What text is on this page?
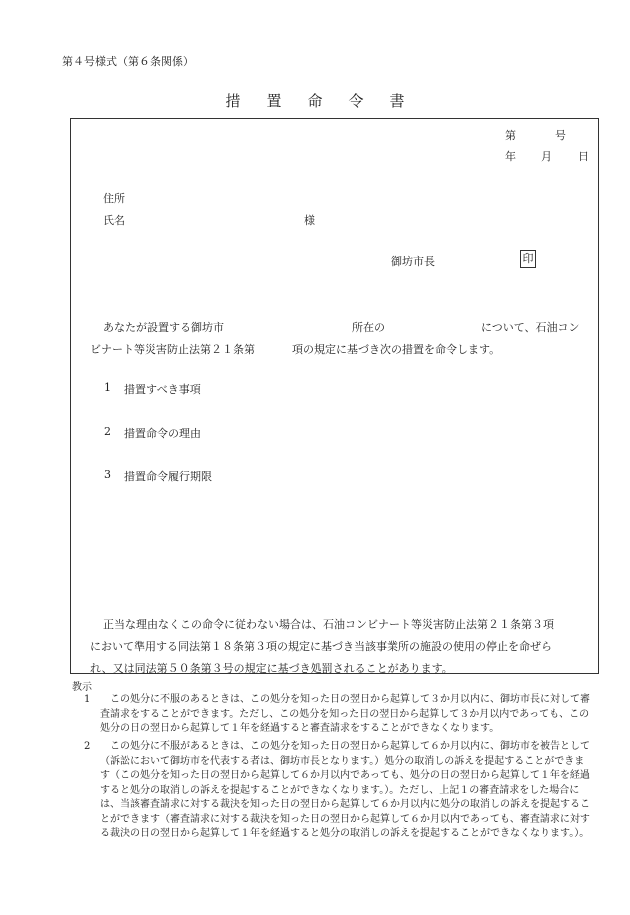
第４号様式（第６条関係）
措置命令書
第	号
年 月 日
住所
氏名	様
御坊市長	印
あなたが設置する御坊市	所在の	について、石油コン
ビナート等災害防止法第２１条第	項の規定に基づき次の措置を命令します。
1 措置すべき事項
2 措置命令の理由
3 措置命令履行期限
正当な理由なくこの命令に従わない場合は、石油コンビナート等災害防止法第２１条第３項
において準用する同法第１８条第３項の規定に基づき当該事業所の施設の使用の停止を命ぜら
れ、又は同法第５０条第３号の規定に基づき処罰されることがあります。
教示
1	この処分に不服のあるときは、この処分を知った日の翌日から起算して３か月以内に、御坊市長に対して審査請求をすることができます。ただし、この処分を知った日の翌日から起算して３か月以内であっても、この処分の日の翌日から起算して１年を経過すると審査請求をすることができなくなります。
2	この処分に不服があるときは、この処分を知った日の翌日から起算して６か月以内に、御坊市を被告として（訴訟において御坊市を代表する者は、御坊市長となります。）処分の取消しの訴えを提起することができます（この処分を知った日の翌日から起算して６か月以内であっても、処分の日の翌日から起算して１年を経過すると処分の取消しの訴えを提起することができなくなります。）。ただし、上記１の審査請求をした場合には、当該審査請求に対する裁決を知った日の翌日から起算して６か月以内に処分の取消しの訴えを提起することができます（審査請求に対する裁決を知った日の翌日から起算して６か月以内であっても、審査請求に対する裁決の日の翌日から起算して１年を経過すると処分の取消しの訴えを提起することができなくなります。）。
